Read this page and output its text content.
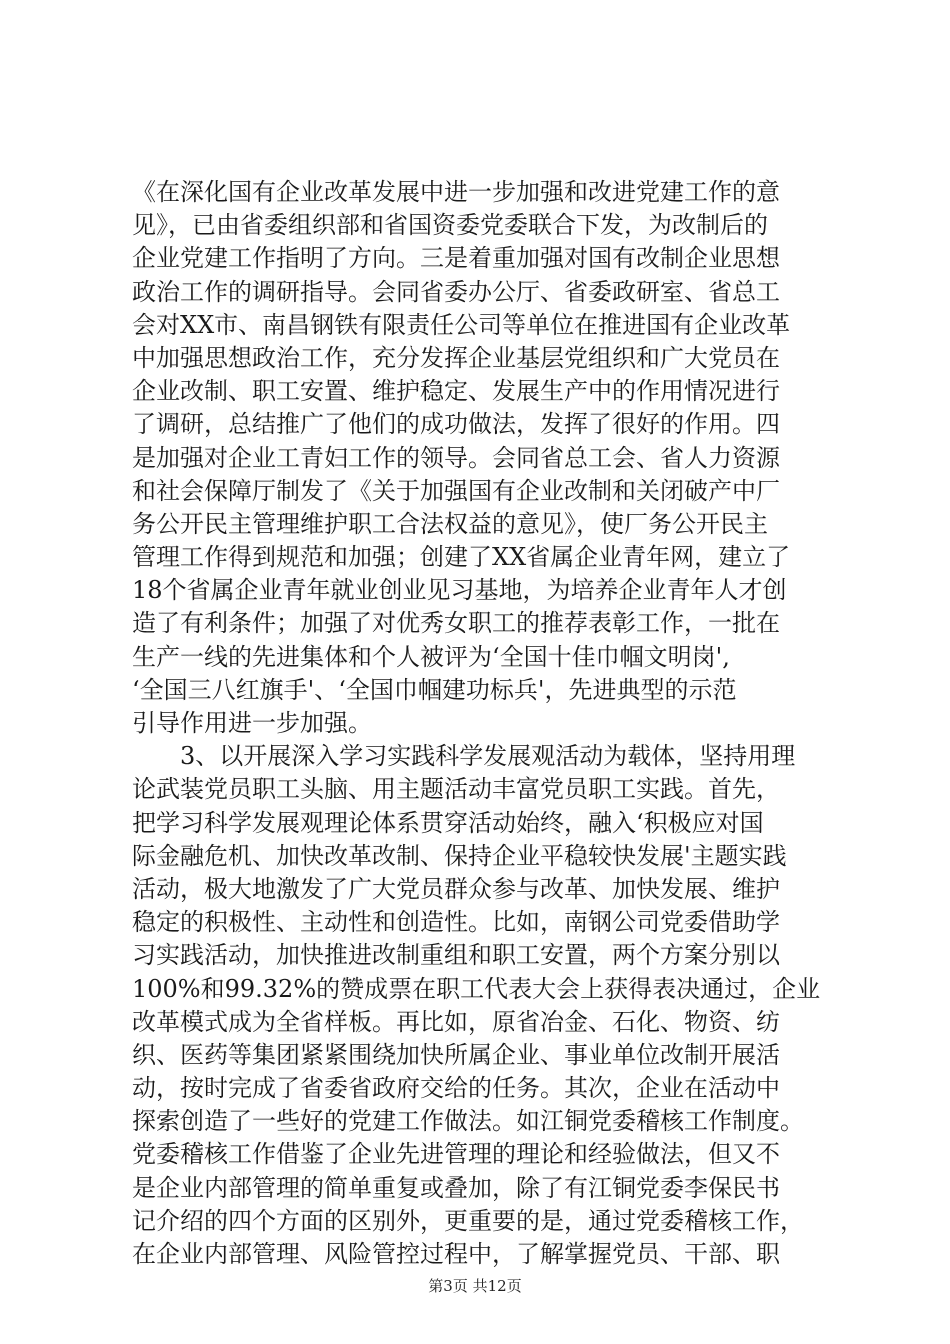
《在深化国有企业改革发展中进一步加强和改进党建工作的意
见》，已由省委组织部和省国资委党委联合下发，为改制后的
企业党建工作指明了方向。三是着重加强对国有改制企业思想
政治工作的调研指导。会同省委办公厅、省委政研室、省总工
会对XX市、南昌钢铁有限责任公司等单位在推进国有企业改革
中加强思想政治工作，充分发挥企业基层党组织和广大党员在
企业改制、职工安置、维护稳定、发展生产中的作用情况进行
了调研，总结推广了他们的成功做法，发挥了很好的作用。四
是加强对企业工青妇工作的领导。会同省总工会、省人力资源
和社会保障厅制发了《关于加强国有企业改制和关闭破产中厂
务公开民主管理维护职工合法权益的意见》，使厂务公开民主
管理工作得到规范和加强；创建了XX省属企业青年网，建立了
18个省属企业青年就业创业见习基地，为培养企业青年人才创
造了有利条件；加强了对优秀女职工的推荐表彰工作，一批在
生产一线的先进集体和个人被评为‘全国十佳巾帼文明岗',
‘全国三八红旗手'、‘全国巾帼建功标兵'，先进典型的示范
引导作用进一步加强。
　　3、以开展深入学习实践科学发展观活动为载体，坚持用理
论武装党员职工头脑、用主题活动丰富党员职工实践。首先，
把学习科学发展观理论体系贯穿活动始终，融入‘积极应对国
际金融危机、加快改革改制、保持企业平稳较快发展'主题实践
活动，极大地激发了广大党员群众参与改革、加快发展、维护
稳定的积极性、主动性和创造性。比如，南钢公司党委借助学
习实践活动，加快推进改制重组和职工安置，两个方案分别以
100%和99.32%的赞成票在职工代表大会上获得表决通过，企业
改革模式成为全省样板。再比如，原省冶金、石化、物资、纺
织、医药等集团紧紧围绕加快所属企业、事业单位改制开展活
动，按时完成了省委省政府交给的任务。其次，企业在活动中
探索创造了一些好的党建工作做法。如江铜党委稽核工作制度。
党委稽核工作借鉴了企业先进管理的理论和经验做法，但又不
是企业内部管理的简单重复或叠加，除了有江铜党委李保民书
记介绍的四个方面的区别外，更重要的是，通过党委稽核工作，
在企业内部管理、风险管控过程中，了解掌握党员、干部、职
第3页 共12页
